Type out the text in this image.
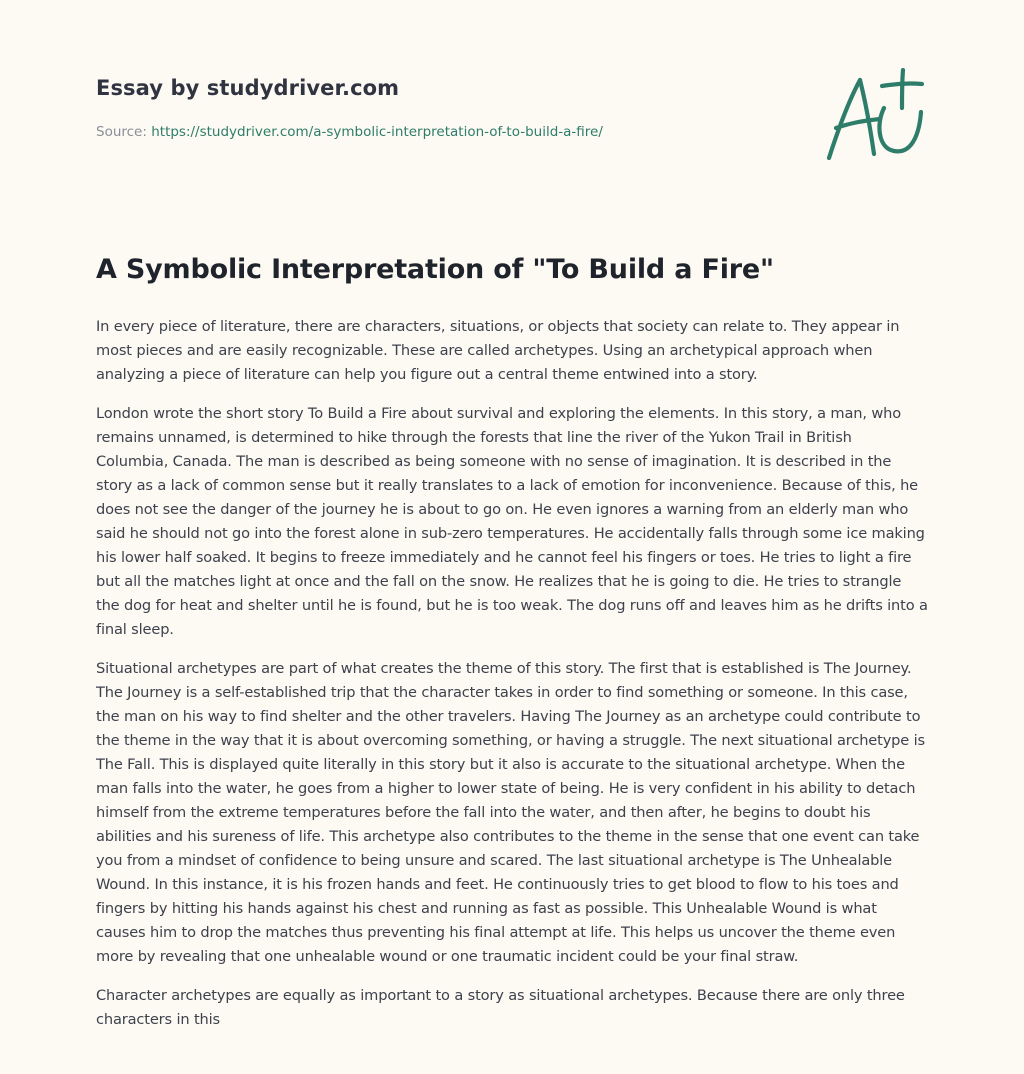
Essay by studydriver.com
Source: https://studydriver.com/a-symbolic-interpretation-of-to-build-a-fire/
A Symbolic Interpretation of "To Build a Fire"

In every piece of literature, there are characters, situations, or objects that society can relate to. They appear in most pieces and are easily recognizable. These are called archetypes. Using an archetypical approach when analyzing a piece of literature can help you figure out a central theme entwined into a story.

London wrote the short story To Build a Fire about survival and exploring the elements. In this story, a man, who remains unnamed, is determined to hike through the forests that line the river of the Yukon Trail in British Columbia, Canada. The man is described as being someone with no sense of imagination. It is described in the story as a lack of common sense but it really translates to a lack of emotion for inconvenience. Because of this, he does not see the danger of the journey he is about to go on. He even ignores a warning from an elderly man who said he should not go into the forest alone in sub-zero temperatures. He accidentally falls through some ice making his lower half soaked. It begins to freeze immediately and he cannot feel his fingers or toes. He tries to light a fire but all the matches light at once and the fall on the snow. He realizes that he is going to die. He tries to strangle the dog for heat and shelter until he is found, but he is too weak. The dog runs off and leaves him as he drifts into a final sleep.

Situational archetypes are part of what creates the theme of this story. The first that is established is The Journey. The Journey is a self-established trip that the character takes in order to find something or someone. In this case, the man on his way to find shelter and the other travelers. Having The Journey as an archetype could contribute to the theme in the way that it is about overcoming something, or having a struggle. The next situational archetype is The Fall. This is displayed quite literally in this story but it also is accurate to the situational archetype. When the man falls into the water, he goes from a higher to lower state of being. He is very confident in his ability to detach himself from the extreme temperatures before the fall into the water, and then after, he begins to doubt his abilities and his sureness of life. This archetype also contributes to the theme in the sense that one event can take you from a mindset of confidence to being unsure and scared. The last situational archetype is The Unhealable Wound. In this instance, it is his frozen hands and feet. He continuously tries to get blood to flow to his toes and fingers by hitting his hands against his chest and running as fast as possible. This Unhealable Wound is what causes him to drop the matches thus preventing his final attempt at life. This helps us uncover the theme even more by revealing that one unhealable wound or one traumatic incident could be your final straw.

Character archetypes are equally as important to a story as situational archetypes. Because there are only three characters in this
